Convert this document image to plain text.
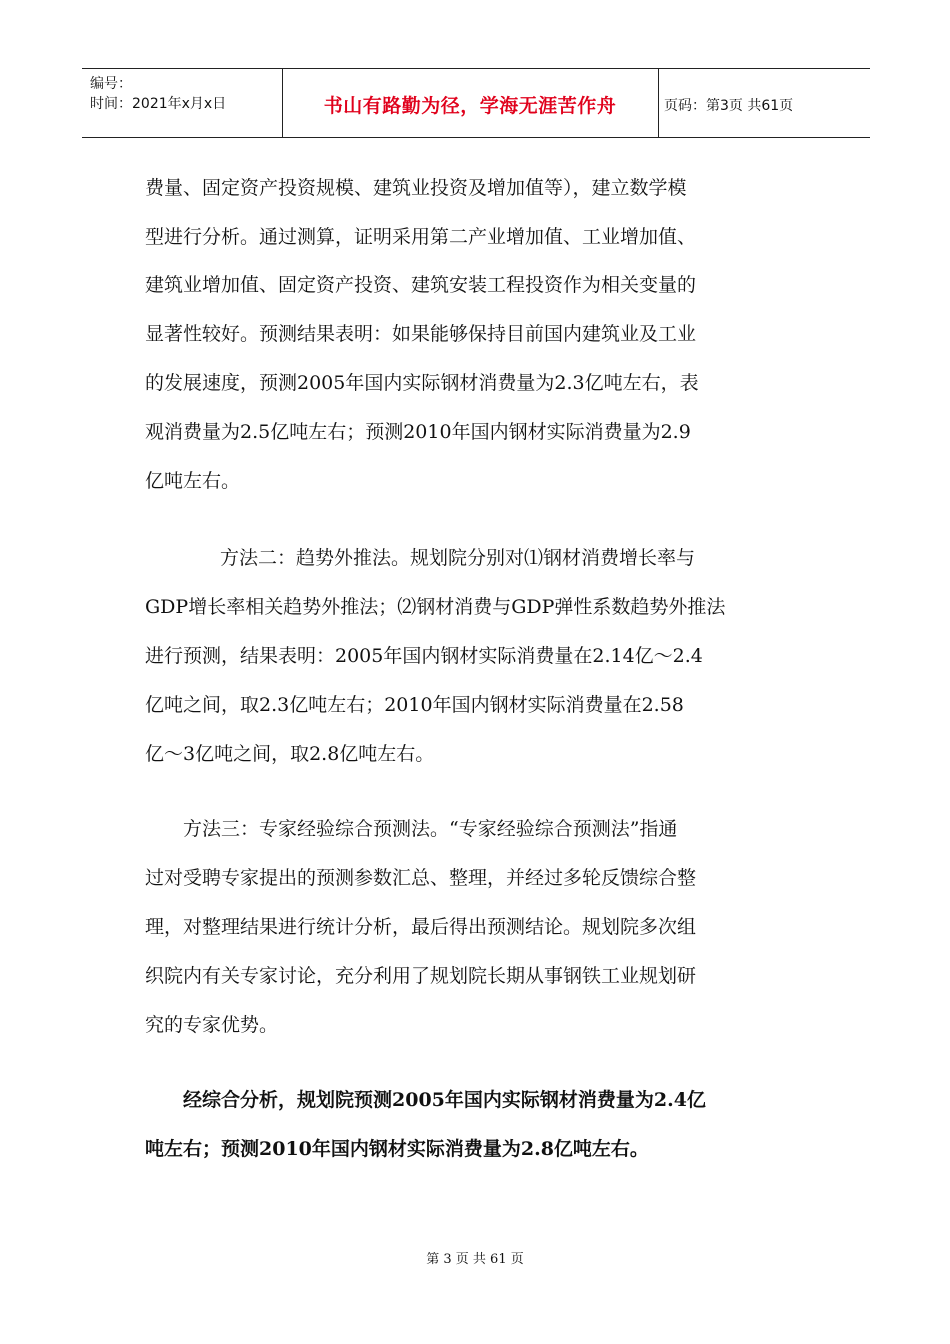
编号：
时间：2021年x月x日	书山有路勤为径，学海无涯苦作舟	页码：第3页 共61页
费量、固定资产投资规模、建筑业投资及增加值等），建立数学模
型进行分析。通过测算，证明采用第二产业增加值、工业增加值、
建筑业增加值、固定资产投资、建筑安装工程投资作为相关变量的
显著性较好。预测结果表明：如果能够保持目前国内建筑业及工业
的发展速度，预测2005年国内实际钢材消费量为2.3亿吨左右，表
观消费量为2.5亿吨左右；预测2010年国内钢材实际消费量为2.9
亿吨左右。
方法二：趋势外推法。规划院分别对⑴钢材消费增长率与
GDP增长率相关趋势外推法；⑵钢材消费与GDP弹性系数趋势外推法
进行预测，结果表明：2005年国内钢材实际消费量在2.14亿～2.4
亿吨之间，取2.3亿吨左右；2010年国内钢材实际消费量在2.58
亿～3亿吨之间，取2.8亿吨左右。
方法三：专家经验综合预测法。“专家经验综合预测法”指通
过对受聘专家提出的预测参数汇总、整理，并经过多轮反馈综合整
理，对整理结果进行统计分析，最后得出预测结论。规划院多次组
织院内有关专家讨论，充分利用了规划院长期从事钢铁工业规划研
究的专家优势。
经综合分析，规划院预测2005年国内实际钢材消费量为2.4亿
吨左右；预测2010年国内钢材实际消费量为2.8亿吨左右。
第 3 页 共 61 页
